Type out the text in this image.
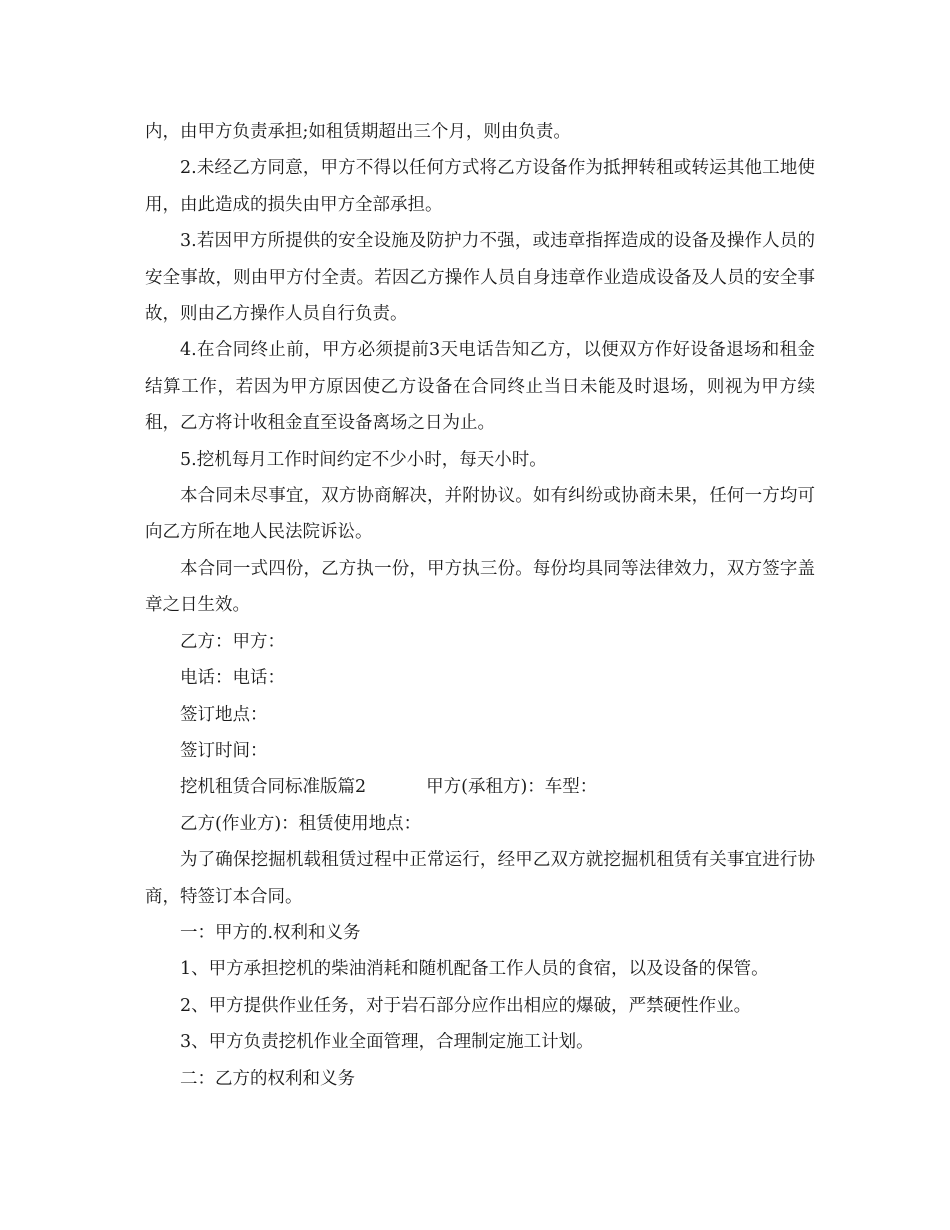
内，由甲方负责承担;如租赁期超出三个月，则由负责。

2.未经乙方同意，甲方不得以任何方式将乙方设备作为抵押转租或转运其他工地使用，由此造成的损失由甲方全部承担。

3.若因甲方所提供的安全设施及防护力不强，或违章指挥造成的设备及操作人员的安全事故，则由甲方付全责。若因乙方操作人员自身违章作业造成设备及人员的安全事故，则由乙方操作人员自行负责。

4.在合同终止前，甲方必须提前3天电话告知乙方，以便双方作好设备退场和租金结算工作，若因为甲方原因使乙方设备在合同终止当日未能及时退场，则视为甲方续租，乙方将计收租金直至设备离场之日为止。

5.挖机每月工作时间约定不少小时，每天小时。

本合同未尽事宜，双方协商解决，并附协议。如有纠纷或协商未果，任何一方均可向乙方所在地人民法院诉讼。

本合同一式四份，乙方执一份，甲方执三份。每份均具同等法律效力，双方签字盖章之日生效。

乙方：甲方：

电话：电话：

签订地点：

签订时间：

挖机租赁合同标准版篇2	甲方(承租方)：车型：

乙方(作业方)：租赁使用地点：

为了确保挖掘机载租赁过程中正常运行，经甲乙双方就挖掘机租赁有关事宜进行协商，特签订本合同。

一：甲方的.权利和义务

1、甲方承担挖机的柴油消耗和随机配备工作人员的食宿，以及设备的保管。

2、甲方提供作业任务，对于岩石部分应作出相应的爆破，严禁硬性作业。

3、甲方负责挖机作业全面管理，合理制定施工计划。

二：乙方的权利和义务
